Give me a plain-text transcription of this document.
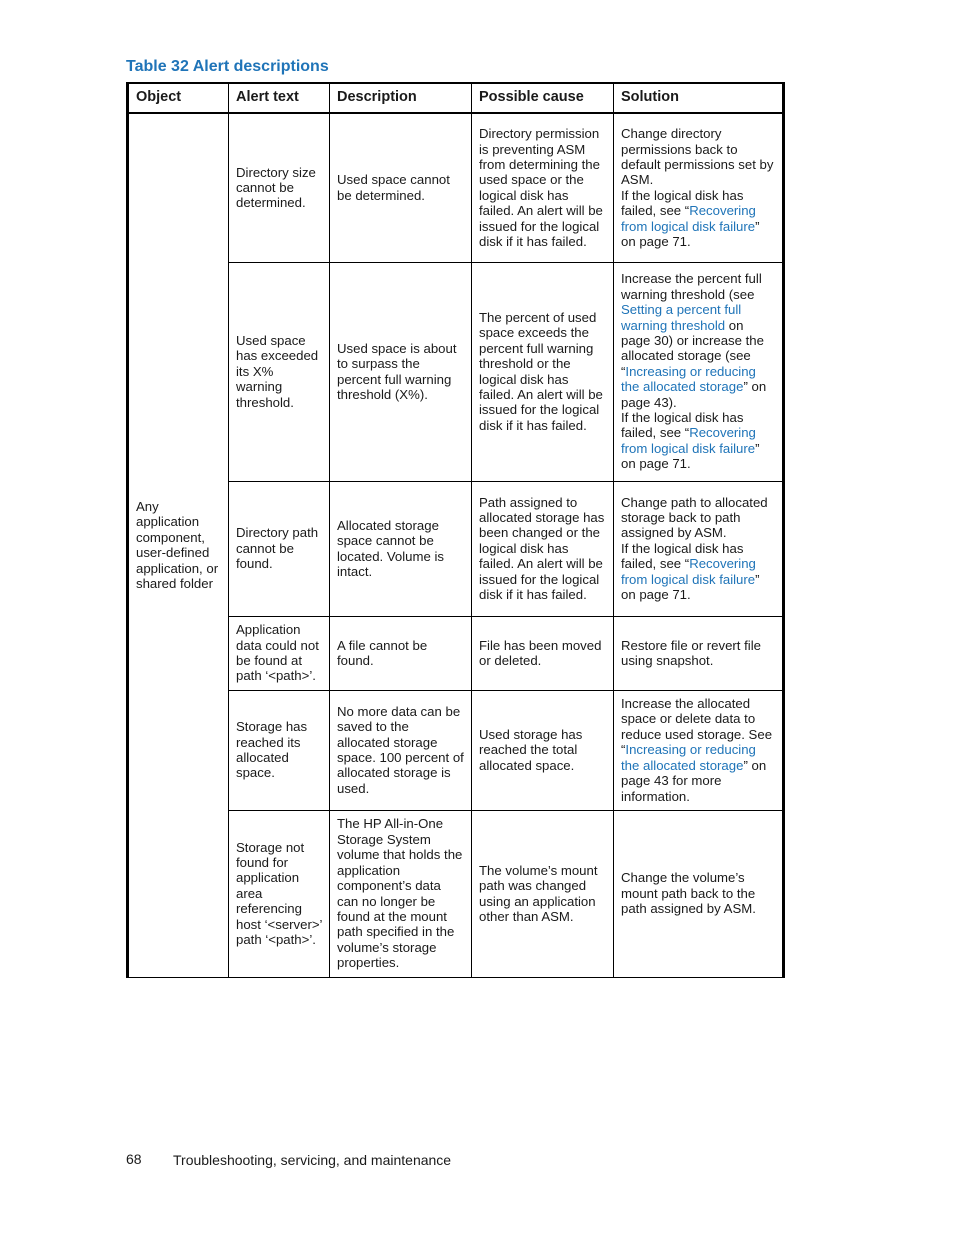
Table 32 Alert descriptions
Object	Alert text	Description	Possible cause	Solution
Any application component, user-defined application, or shared folder	Directory size cannot be determined.	Used space cannot be determined.	Directory permission is preventing ASM from determining the used space or the logical disk has failed. An alert will be issued for the logical disk if it has failed.	Change directory permissions back to default permissions set by ASM.
If the logical disk has failed, see “Recovering from logical disk failure” on page 71.

	Used space has exceeded its X% warning threshold.	Used space is about to surpass the percent full warning threshold (X%).	The percent of used space exceeds the percent full warning threshold or the logical disk has failed. An alert will be issued for the logical disk if it has failed.	Increase the percent full warning threshold (see Setting a percent full warning threshold on page 30) or increase the allocated storage (see “Increasing or reducing the allocated storage” on page 43).
If the logical disk has failed, see “Recovering from logical disk failure” on page 71.

	Directory path cannot be found.	Allocated storage space cannot be located. Volume is intact.	Path assigned to allocated storage has been changed or the logical disk has failed. An alert will be issued for the logical disk if it has failed.	Change path to allocated storage back to path assigned by ASM.
If the logical disk has failed, see “Recovering from logical disk failure” on page 71.

	Application data could not be found at path ‘<path>’.	A file cannot be found.	File has been moved or deleted.	Restore file or revert file using snapshot.

	Storage has reached its allocated space.	No more data can be saved to the allocated storage space. 100 percent of allocated storage is used.	Used storage has reached the total allocated space.	Increase the allocated space or delete data to reduce used storage. See “Increasing or reducing the allocated storage” on page 43 for more information.

	Storage not found for application area referencing host ‘<server>’ path ‘<path>’.	The HP All-in-One Storage System volume that holds the application component’s data can no longer be found at the mount path specified in the volume’s storage properties.	The volume’s mount path was changed using an application other than ASM.	Change the volume’s mount path back to the path assigned by ASM.
68 Troubleshooting, servicing, and maintenance
